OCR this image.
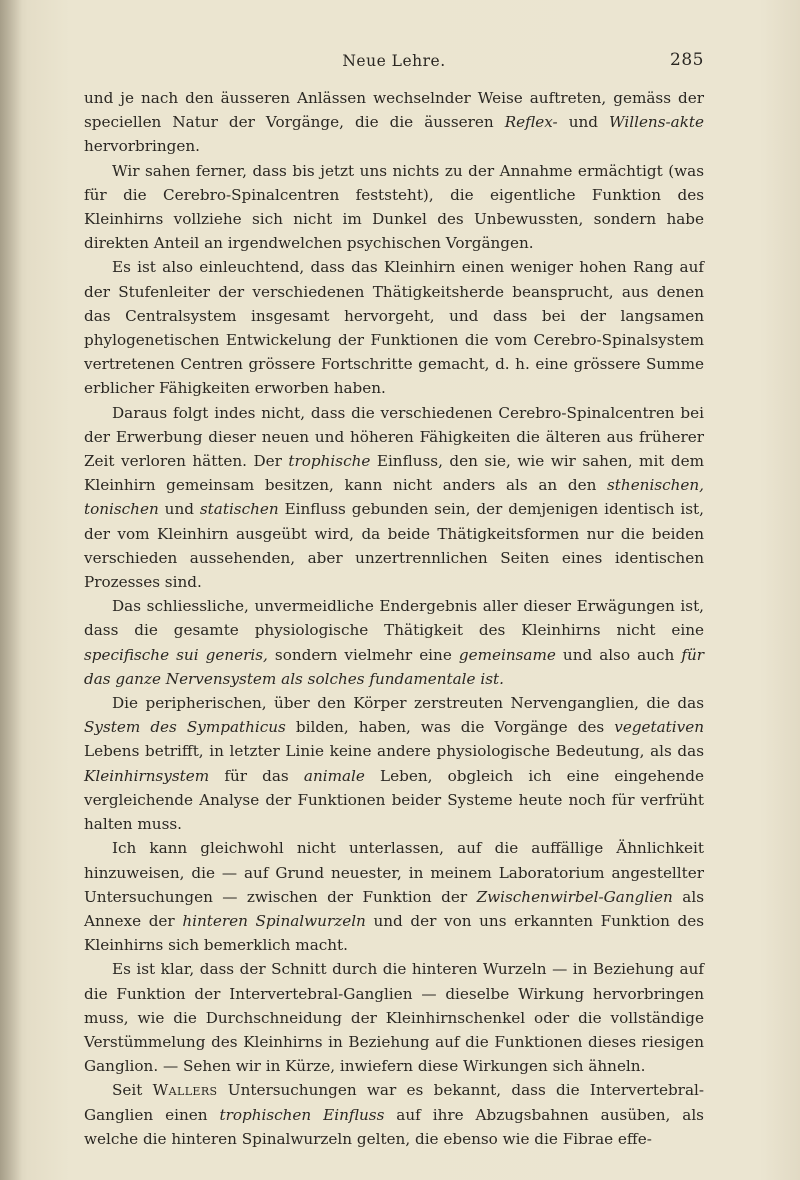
Neue Lehre.	285

und je nach den äusseren Anlässen wechselnder Weise auftreten, gemäss der speciellen Natur der Vorgänge, die die äusseren Reflex- und Willens-akte hervorbringen.

Wir sahen ferner, dass bis jetzt uns nichts zu der Annahme ermächtigt (was für die Cerebro-Spinalcentren feststeht), die eigentliche Funktion des Kleinhirns vollziehe sich nicht im Dunkel des Unbewussten, sondern habe direkten Anteil an irgendwelchen psychischen Vorgängen.

Es ist also einleuchtend, dass das Kleinhirn einen weniger hohen Rang auf der Stufenleiter der verschiedenen Thätigkeitsherde beansprucht, aus denen das Centralsystem insgesamt hervorgeht, und dass bei der langsamen phylogenetischen Entwickelung der Funktionen die vom Cerebro-Spinalsystem vertretenen Centren grössere Fortschritte gemacht, d. h. eine grössere Summe erblicher Fähigkeiten erworben haben.

Daraus folgt indes nicht, dass die verschiedenen Cerebro-Spinalcentren bei der Erwerbung dieser neuen und höheren Fähigkeiten die älteren aus früherer Zeit verloren hätten. Der trophische Einfluss, den sie, wie wir sahen, mit dem Kleinhirn gemeinsam besitzen, kann nicht anders als an den sthenischen, tonischen und statischen Einfluss gebunden sein, der demjenigen identisch ist, der vom Kleinhirn ausgeübt wird, da beide Thätigkeitsformen nur die beiden verschieden aussehenden, aber unzertrennlichen Seiten eines identischen Prozesses sind.

Das schliessliche, unvermeidliche Endergebnis aller dieser Erwägungen ist, dass die gesamte physiologische Thätigkeit des Kleinhirns nicht eine specifische sui generis, sondern vielmehr eine gemeinsame und also auch für das ganze Nervensystem als solches fundamentale ist.

Die peripherischen, über den Körper zerstreuten Nervenganglien, die das System des Sympathicus bilden, haben, was die Vorgänge des vegetativen Lebens betrifft, in letzter Linie keine andere physiologische Bedeutung, als das Kleinhirnsystem für das animale Leben, obgleich ich eine eingehende vergleichende Analyse der Funktionen beider Systeme heute noch für verfrüht halten muss.

Ich kann gleichwohl nicht unterlassen, auf die auffällige Ähnlichkeit hinzuweisen, die — auf Grund neuester, in meinem Laboratorium angestellter Untersuchungen — zwischen der Funktion der Zwischenwirbel-Ganglien als Annexe der hinteren Spinalwurzeln und der von uns erkannten Funktion des Kleinhirns sich bemerklich macht.

Es ist klar, dass der Schnitt durch die hinteren Wurzeln — in Beziehung auf die Funktion der Intervertebral-Ganglien — dieselbe Wirkung hervorbringen muss, wie die Durchschneidung der Kleinhirnschenkel oder die vollständige Verstümmelung des Kleinhirns in Beziehung auf die Funktionen dieses riesigen Ganglion. — Sehen wir in Kürze, inwiefern diese Wirkungen sich ähneln.

Seit Wallers Untersuchungen war es bekannt, dass die Intervertebral-Ganglien einen trophischen Einfluss auf ihre Abzugsbahnen ausüben, als welche die hinteren Spinalwurzeln gelten, die ebenso wie die Fibrae effe-
